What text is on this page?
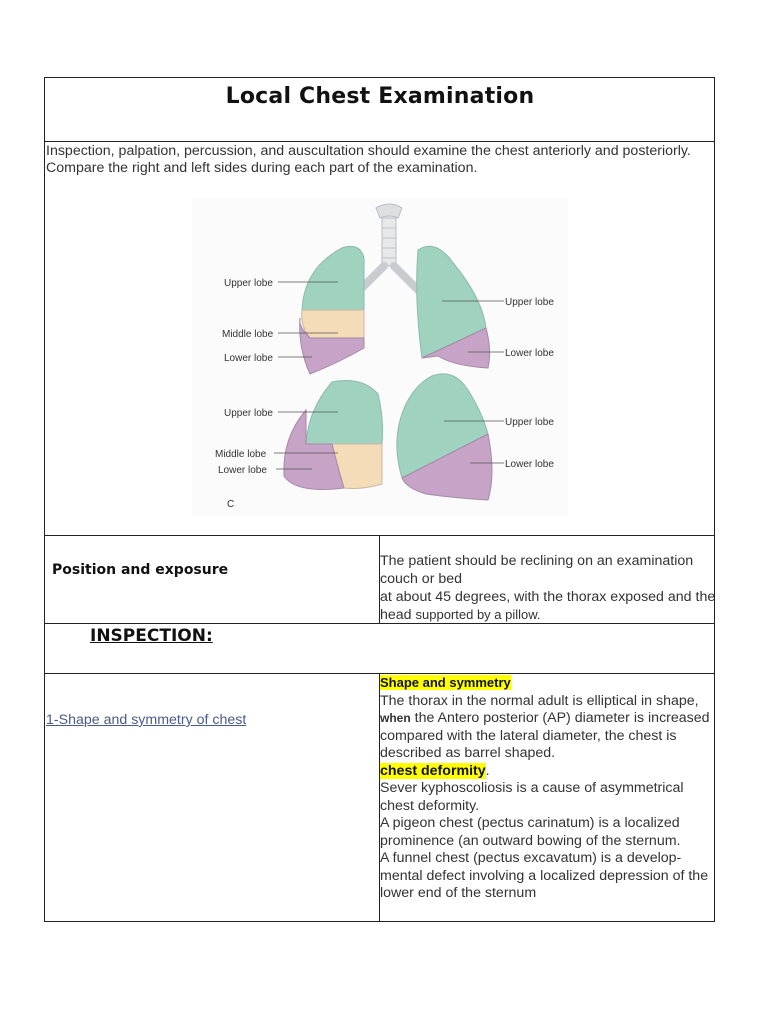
Local Chest Examination
Inspection, palpation, percussion, and auscultation should examine the chest anteriorly and posteriorly.
Compare the right and left sides during each part of the examination.
Upper lobe
Middle lobe
Lower lobe
Upper lobe
Lower lobe
Upper lobe
Middle lobe
Lower lobe
Upper lobe
Lower lobe
C
Position and exposure
The patient should be reclining on an examination couch or bed
at about 45 degrees, with the thorax exposed and the head supported by a pillow.
INSPECTION:
1-Shape and symmetry of chest
Shape and symmetry
The thorax in the normal adult is elliptical in shape, when the Antero posterior (AP) diameter is increased compared with the lateral diameter, the chest is described as barrel shaped.
chest deformity.
Sever kyphoscoliosis is a cause of asymmetrical chest deformity.
A pigeon chest (pectus carinatum) is a localized prominence (an outward bowing of the sternum.
A funnel chest (pectus excavatum) is a develop-mental defect involving a localized depression of the lower end of the sternum
